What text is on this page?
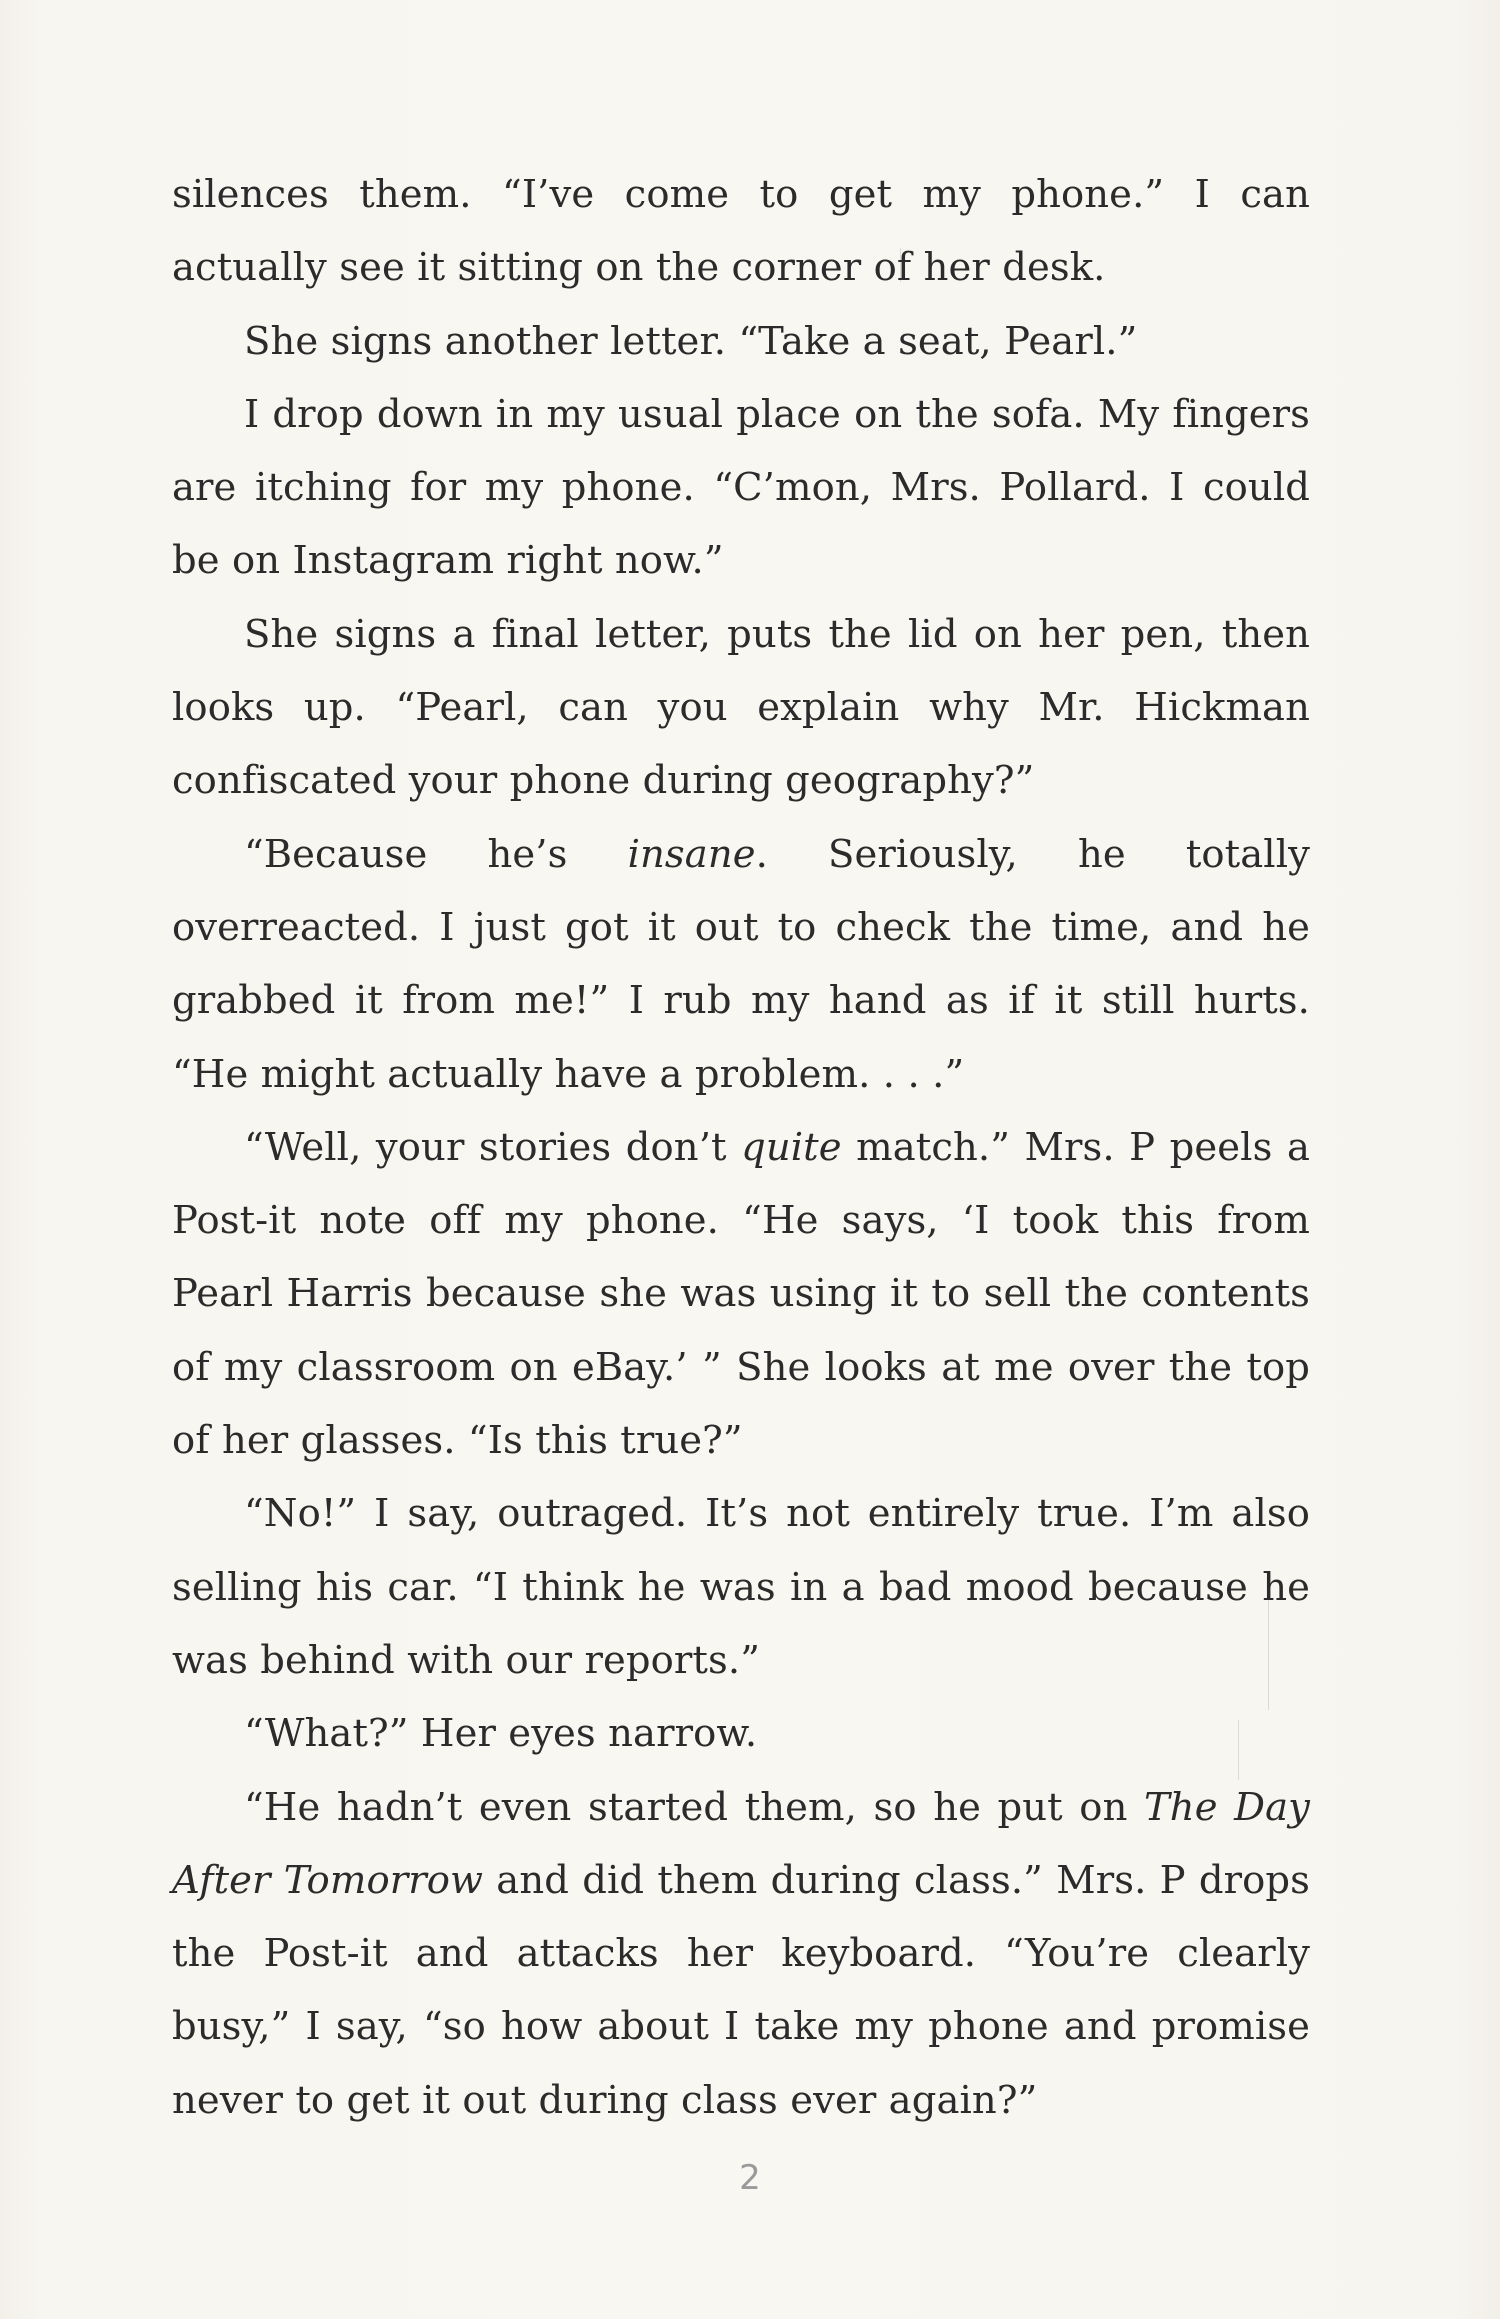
silences them. “I’ve come to get my phone.” I can actually see it sitting on the corner of her desk.

She signs another letter. “Take a seat, Pearl.”

I drop down in my usual place on the sofa. My fingers are itching for my phone. “C’mon, Mrs. Pollard. I could be on Instagram right now.”

She signs a final letter, puts the lid on her pen, then looks up. “Pearl, can you explain why Mr. Hickman confiscated your phone during geography?”

“Because he’s insane. Seriously, he totally overreacted. I just got it out to check the time, and he grabbed it from me!” I rub my hand as if it still hurts. “He might actually have a problem. . . .”

“Well, your stories don’t quite match.” Mrs. P peels a Post-it note off my phone. “He says, ‘I took this from Pearl Harris because she was using it to sell the contents of my classroom on eBay.’ ” She looks at me over the top of her glasses. “Is this true?”

“No!” I say, outraged. It’s not entirely true. I’m also selling his car. “I think he was in a bad mood because he was behind with our reports.”

“What?” Her eyes narrow.

“He hadn’t even started them, so he put on The Day After Tomorrow and did them during class.” Mrs. P drops the Post-it and attacks her keyboard. “You’re clearly busy,” I say, “so how about I take my phone and promise never to get it out during class ever again?”

2
